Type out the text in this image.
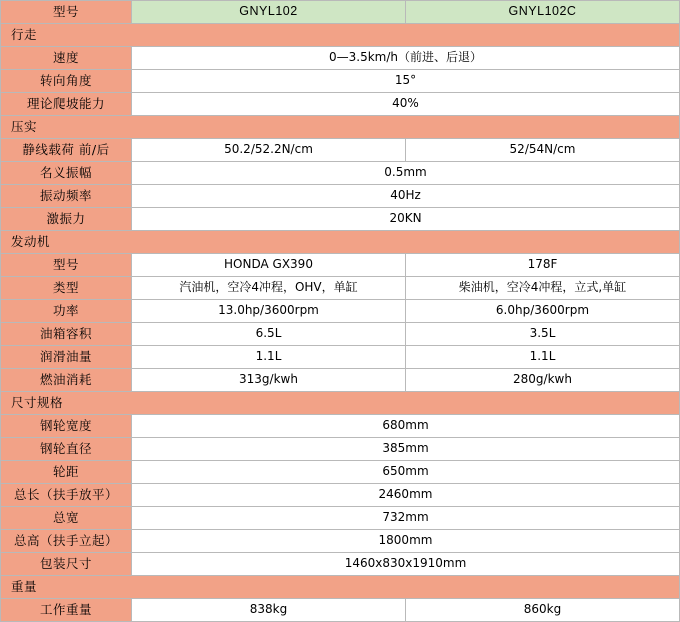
型号	GNYL102	GNYL102C
行走		
速度	0—3.5km/h（前进、后退）	
转向角度	15°	
理论爬坡能力	40%	
压实		
静线载荷 前/后	50.2/52.2N/cm	52/54N/cm
名义振幅	0.5mm	
振动频率	40Hz	
激振力	20KN	
发动机		
型号	HONDA GX390	178F
类型	汽油机，空冷4冲程，OHV，单缸	柴油机，空冷4冲程，立式,单缸
功率	13.0hp/3600rpm	6.0hp/3600rpm
油箱容积	6.5L	3.5L
润滑油量	1.1L	1.1L
燃油消耗	313g/kwh	280g/kwh
尺寸规格		
钢轮宽度	680mm	
钢轮直径	385mm	
轮距	650mm	
总长（扶手放平）	2460mm	
总宽	732mm	
总高（扶手立起）	1800mm	
包装尺寸	1460x830x1910mm	
重量		
工作重量	838kg	860kg
